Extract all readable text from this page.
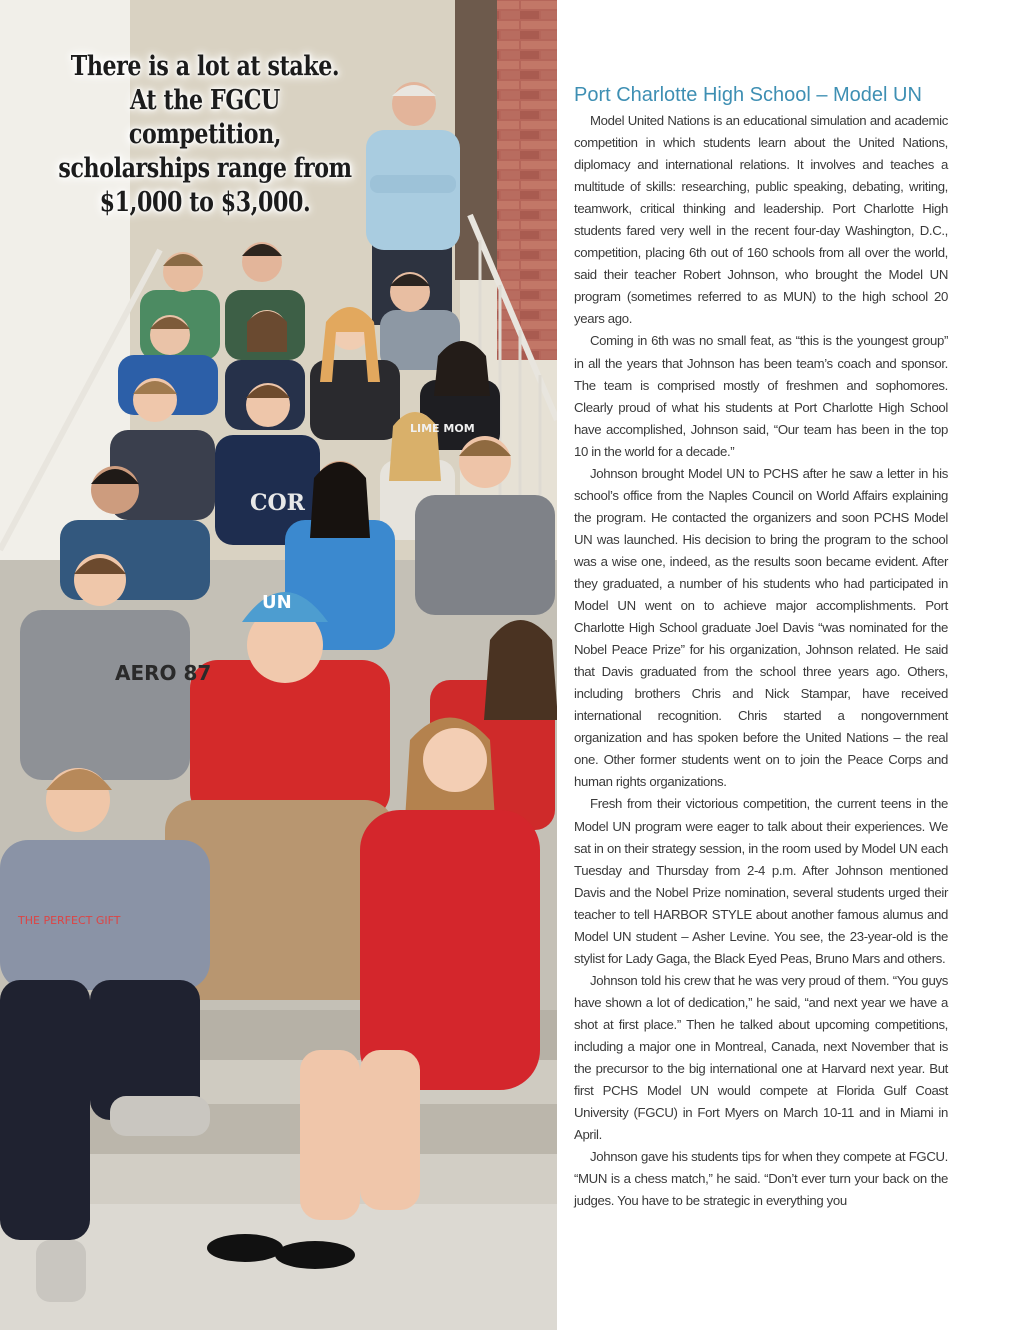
UN
THE PERFECT GIFT
AERO 87
COR
LIME MOM
There is a lot at stake. At the FGCU competition, scholarships range from $1,000 to $3,000.
Port Charlotte High School – Model UN

Model United Nations is an educational simulation and academic competition in which students learn about the United Nations, diplomacy and international relations. It involves and teaches a multitude of skills: researching, public speaking, debating, writing, teamwork, critical thinking and leadership. Port Charlotte High students fared very well in the recent four-day Washington, D.C., competition, placing 6th out of 160 schools from all over the world, said their teacher Robert Johnson, who brought the Model UN program (sometimes referred to as MUN) to the high school 20 years ago.

Coming in 6th was no small feat, as “this is the youngest group” in all the years that Johnson has been team’s coach and sponsor. The team is comprised mostly of freshmen and sophomores. Clearly proud of what his students at Port Charlotte High School have accomplished, Johnson said, “Our team has been in the top 10 in the world for a decade.”

Johnson brought Model UN to PCHS after he saw a letter in his school’s office from the Naples Council on World Affairs explaining the program. He contacted the organizers and soon PCHS Model UN was launched. His decision to bring the program to the school was a wise one, indeed, as the results soon became evident. After they graduated, a number of his students who had participated in Model UN went on to achieve major accomplishments. Port Charlotte High School graduate Joel Davis “was nominated for the Nobel Peace Prize” for his organization, Johnson related. He said that Davis graduated from the school three years ago. Others, including brothers Chris and Nick Stampar, have received international recognition. Chris started a nongovernment organization and has spoken before the United Nations – the real one. Other former students went on to join the Peace Corps and human rights organizations.

Fresh from their victorious competition, the current teens in the Model UN program were eager to talk about their experiences. We sat in on their strategy session, in the room used by Model UN each Tuesday and Thursday from 2-4 p.m. After Johnson mentioned Davis and the Nobel Prize nomination, several students urged their teacher to tell HARBOR STYLE about another famous alumus and Model UN student – Asher Levine. You see, the 23-year-old is the stylist for Lady Gaga, the Black Eyed Peas, Bruno Mars and others.

Johnson told his crew that he was very proud of them. “You guys have shown a lot of dedication,” he said, “and next year we have a shot at first place.” Then he talked about upcoming competitions, including a major one in Montreal, Canada, next November that is the precursor to the big international one at Harvard next year. But first PCHS Model UN would compete at Florida Gulf Coast University (FGCU) in Fort Myers on March 10-11 and in Miami in April.

Johnson gave his students tips for when they compete at FGCU. “MUN is a chess match,” he said. “Don’t ever turn your back on the judges. You have to be strategic in everything you
